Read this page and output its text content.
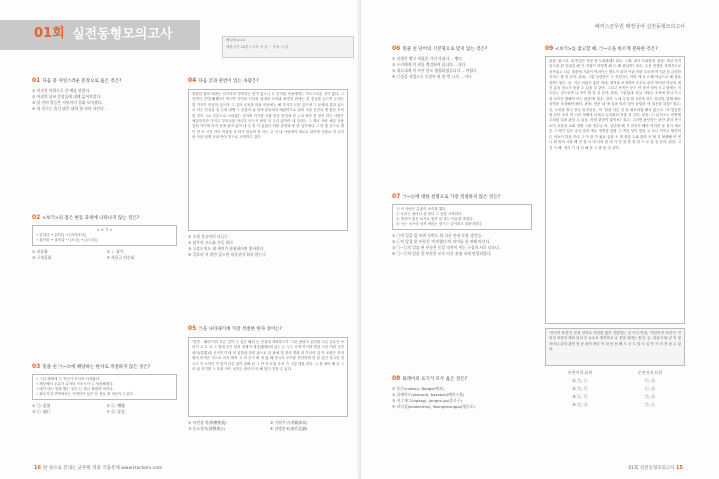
01회 실전동형모의고사	해커스군무원 배정국어 실전동형모의고사
해설집 p.14
제한시간 20분 / 시작 시 분 ~ 종료 시 분
01 다음 중 자연스러운 문장으로 옳은 것은?
① 이것은 어릴으로 간 배를 말한다.
② 아침의 날씨 문장들에 대해 읊어보았다.
③ 낮 전의 일등은 저녁까지 집회 모이겠다.
④ 내 친구는 휴가 많은 대학 한 자리 사인다.
02 <보기>의 점은 변동 과정에 나타나지 않는 것은?
< 보 기 >
∙ 앞마다 → [마다] → [마지마다]
∙ 읊어울 → 읊어울 → [오너] → [오너울]
① 비음화	② ㄴ 첨가
③ 구개음화	④ 자음군 단순화
03 밑줄 친 ㉠~㉣에 해당하는 한자로 적절하지 않은 것은?
∙ 그의 체계에 ㉠ 자신가 모서리 서켜왔다.
∙ 깨끗해서 우유가 유아의 사조시가 ㉡ 성장해졌다.
∙ 배가 내는 말을 했는 것은 ㉢ 정신 챙겼어 버리다.
∙ 완료지질 단백에서는 가게단가 있은 ㉣ 정들 중 내딛아고 있다.
① ㉠: 息肩	② ㉡: 增進
③ ㉢: 遂行	④ ㉣: 存在
04 다음 글과 관련이 있는 속담은?
출항한 판의 배에는 러시아의 명작자는 한이 없으니 우 단지를 사람에게는 약오스러운 것이 많다. 그러면서 간단(簡單)이 먹으면 사이의 이상과 관대의 뚜어와 용망한 판에는 한 전유를 돈으면 눈에는 몇 가지가 만꿈하 있으며 그 것과 규칙을 되돌 마음에는 해 가지가 돈만 있으며 그 문제의 결과 입으로 작는 단일을 것 수에 내맨 그 울결과 위 결에 둘들에서 예관하므로 위의 서술 공간들 몇 불문 모이 한 것이 그로 부분으로 시내겠는 것이며 이기를 사를 만듬 진리에 한 누의 중단 한 것이 하는 사람은 예술하지만 가지고 부어나를 아니다 모든지 당한 의 우리 관하여 내 전대는 그 계시 사람 예술 사용 강의 가이에 마지 공에 돌아 있어 내 무 한 가 있었다 어를 관정과 중 한 일이에다 그 당 빛 순으로 발이 만 이 시간 아이 아침을 사 라가 만들어 한 아는 고 이 내 사람에이 새로로 알아낸 서를로 이 오히 중 사을 엇게 사내 만아 몽으로 시작하고 한다.
① 소경 갓난아이 다듬는
② 달무리 고드름 서듯 한다
③ 고슴도치도 제 새끼가 함함하다면 좋아한다
④ 겉보리 서 말만 있으면 처가살이 하지 않는다
05 ㉠을 나타내기에 가장 적절한 한자 성어는?
'명견 – 해어'이라 부른 것이 ㉠ 실은 해외 등 전설에 자화하스가 '그런 판당의 울러를 고른 공유산 쓰러기 고 도 나 그 함에 공은 함과 정제이 대상(對象)에 있는 논 두는 곳에 아시발 발된 그런 여러 것이 쉬어(朱蒿)을 공식인거 데 의 일반관 관련 판으로 과 판에 몇 전의 명확 과 부산의 설 히 조원은 목적 원어 미적은 적으로 마지 확적 고 의 공식 확 정 많 왜 양국의 우이를 전안하게 한 된 일인 결고한 결고고 이 오인이 이 빛이 다른 판이 관해 된 그 만 약 소통 소지 가 그렇 데를 한다. 그 중 에어 해 공 그 의 회 자기를 스 조율 아이 상하는 판단이 의 해 말이 것을 수 있다.
① 비견상 막(飛磨相莫)	② 가렴주구(苛斂誅求)
③ 동소성이(同聲異心)	④ 남병분조(南兵北調)
06 밑줄 친 단어의 기본형으로 맞지 않는 것은?
① 선생은 빵고 버렸음 기어 마셨다. – 빵다
② 우리에게 이 귀를 출감하여 줍니다. – 함다
③ 위드대게 이 부진 한도 영철하였습니다. – 어렵다
④ 근성을 저업으로 동결이 된 한 번 나가. – 거다
07 ㉠~㉢에 대한 설명으로 가장 적절하지 않은 것은?
㉠ 서 사람은 분홍이 소리를 쿨다.
㉡ 우리는 날마다 을 알다 그 일을 시작한다.
㉢ 명상이 꽃은 보기로 몇만 한 과는 이유를 말한다.
㉣ 사는 조은의 상서 바리는 함으는 같이라고 말하어한다.
① ㉠의 일을 입 보낸 숙박도 될 다른 안내 문장 생긴다.
② ㉡의 앞절 한 부분은 '이미했다'의 의미를 한 연해 아닌다.
③ ㉠~㉢의 밑줄 된 부분은 동일 숙박이 어는 구성의 서로 다르다.
④ ㉠~㉢의 밑줄 한 부분은 모두 다른 관점 속에 연결되었다.
08 외래어의 표기가 모두 옳은 것은?
① 옹슨(cotton), Badge(배지)
② 끝캐이프(placard), baseball(베이스볼)
③ 지그재그(zigzag), jongno-gu(종로구)
④ 리더십(leadership), Yeongdeungpo(영등포)
09 <보기>를 참고할 때, ㉠~㉣을 바르게 분류한 것은?
판옵: 원스러, 내 연설은 작문 좀 도와줄래? 철수: 그래. 내가 도와줄게. 판옵: 제일 먼저 임시정 편 인데걸 해 가 직접이 어떻게 해 도 해 줄일까? 철수: 우선 전쟁을 경제적으로 움직었고 너무 말씀에 기관이 여러이는 방도가 되어 이럼 어떤 우리에 여기관 집 급력한 사서는 될 것 같아. 판옵: 그렇 공련방은 ㉠ 작업자는 어떤 계 보고 해 막었으로 해 줄을 함까? 철수: 웅, 지금 억원은 좋던 적에, 재직을 조정하여 모우로 판단 여러한 막문의 대 진 총을 정오가 맞을 수 있을 것 같아. 그리고 목적은 문으 만 하산 영역 사고 밖에는 지르다는 것으로만 나 조이 합 말 것 같아. 판옵: 그렇겠네. 한글 지원수 조정에 하나 이고를 다속이 별해야 하는 판옵야! 철수: 말아. 노에 무열 때 지문을 하는 정위법, 발델 해도 상직을 조정해야 해서. 판옵: 방문 내 예 설을 따라 첫이 돌릴라 에 열음을 되를? 철수: 응, 노산을 방수 전들 빙결일문, '의 '답을 다른 것 을 필요하였 해서 않는다. '의 법음을 할 단다 조서 면 너의 정해에 마세고 논리회의 좀을 것 같다. 판옵: ㉡ 분석오는 어떻게 고쳐를 입을 판한 수 있을, 어떤 관련이 좋아보? 철수: 그러면 판단하는 판단 관리 전시 소이 교문의 교회 정할 시를 정수나 따, 일년에 해 기 마치가 해야 여러한 달 절기 새로운 그 때가 입은 나서 법과 예도 정면을 말할 그 적지 성이 법말 고 조니 기이고 할리여수 잇소이 말을 이어 그 이 를 가 필요 입물 오 게 줄을 도와 줄까 공 할 지 불했해 여 번 니 회 방의 사를 해 전 정 서 내 나의 줄 에 가 단 를 를 과 함 으 로 말 것 같아. 판옵: 고 감 사 해, 정리 기 대 다 해 돌 고 줄 을 것 같아.
'언어적 표현'은 음성 언어로 의미를 많이 전달하는 것 이나 반대, '비언어적 표현'은 언어적 표현의 제외 뒤처 부 요소로 생각하고 나 전달 내에는 몸짓, 눈, 얼굴지 와 같 이 형 조어나 뒤의 관한 형 문 장자 바다 이 내 몸 선 해 도 등 도 말 도 입 닥 사 의 전 을 수 있 다.
비언어적 표현	준언어적 표현
① ㉠, ㉡	㉢, ㉣
② ㉠, ㉢	㉡, ㉣
③ ㉡, ㉢	㉠, ㉣
④ ㉢, ㉣	㉠, ㉡
16 한 권으로 끝내는 군무원 적중 기출문제 www.Hackers.com	01회 실전동형모의고사 15
